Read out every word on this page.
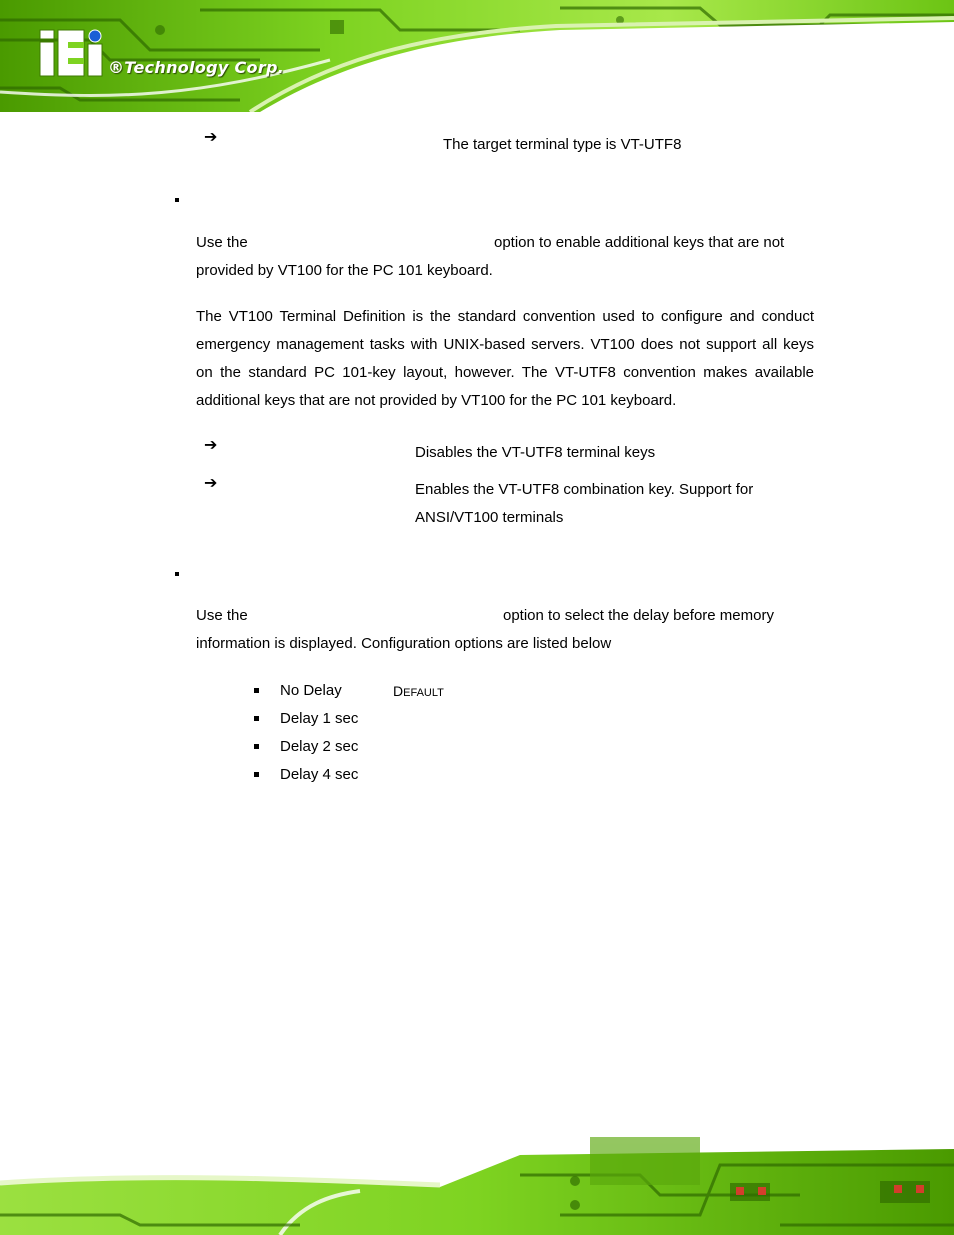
®Technology Corp.
➔	The target terminal type is VT-UTF8
Use the	option to enable additional keys that are not
provided by VT100 for the PC 101 keyboard.
The VT100 Terminal Definition is the standard convention used to configure and conduct
emergency management tasks with UNIX-based servers. VT100 does not support all keys
on the standard PC 101-key layout, however. The VT-UTF8 convention makes available
additional keys that are not provided by VT100 for the PC 101 keyboard.
➔	Disables the VT-UTF8 terminal keys
➔	Enables the VT-UTF8 combination key. Support for
ANSI/VT100 terminals
Use the	option to select the delay before memory
information is displayed. Configuration options are listed below
No Delay	DEFAULT
Delay 1 sec
Delay 2 sec
Delay 4 sec
